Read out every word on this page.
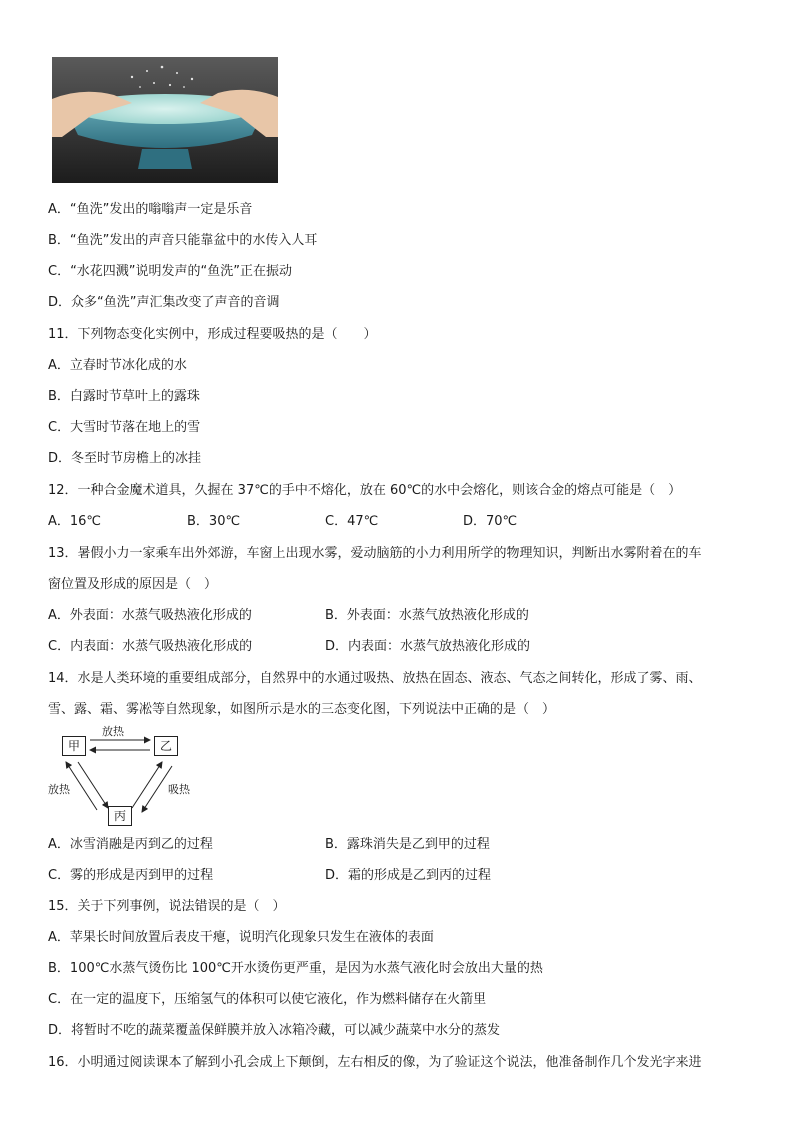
A．“鱼洗”发出的嗡嗡声一定是乐音
B．“鱼洗”发出的声音只能靠盆中的水传入人耳
C．“水花四溅”说明发声的“鱼洗”正在振动
D．众多“鱼洗”声汇集改变了声音的音调
11．下列物态变化实例中，形成过程要吸热的是（　　）
A．立春时节冰化成的水
B．白露时节草叶上的露珠
C．大雪时节落在地上的雪
D．冬至时节房檐上的冰挂
12．一种合金魔术道具，久握在 37℃的手中不熔化，放在 60℃的水中会熔化，则该合金的熔点可能是（　）
A．16℃	B．30℃	C．47℃	D．70℃
13．暑假小力一家乘车出外郊游，车窗上出现水雾，爱动脑筋的小力利用所学的物理知识，判断出水雾附着在的车
窗位置及形成的原因是（　）
A．外表面：水蒸气吸热液化形成的	B．外表面：水蒸气放热液化形成的
C．内表面：水蒸气吸热液化形成的	D．内表面：水蒸气放热液化形成的
14．水是人类环境的重要组成部分，自然界中的水通过吸热、放热在固态、液态、气态之间转化，形成了雾、雨、
雪、露、霜、雾凇等自然现象，如图所示是水的三态变化图，下列说法中正确的是（　）
甲	乙
丙
放热
放热	吸热
A．冰雪消融是丙到乙的过程	B．露珠消失是乙到甲的过程
C．雾的形成是丙到甲的过程	D．霜的形成是乙到丙的过程
15．关于下列事例，说法错误的是（　）
A．苹果长时间放置后表皮干瘪，说明汽化现象只发生在液体的表面
B．100℃水蒸气烫伤比 100℃开水烫伤更严重，是因为水蒸气液化时会放出大量的热
C．在一定的温度下，压缩氢气的体积可以使它液化，作为燃料储存在火箭里
D．将暂时不吃的蔬菜覆盖保鲜膜并放入冰箱冷藏，可以减少蔬菜中水分的蒸发
16．小明通过阅读课本了解到小孔会成上下颠倒，左右相反的像，为了验证这个说法，他准备制作几个发光字来进
